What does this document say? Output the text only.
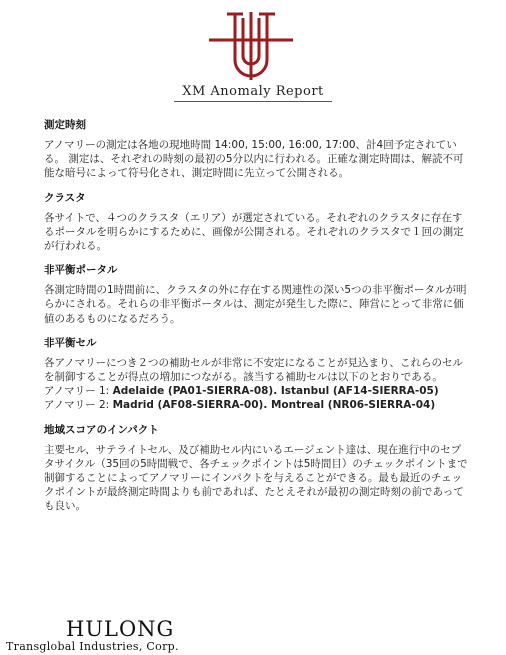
XM Anomaly Report
測定時刻
アノマリーの測定は各地の現地時間 14:00, 15:00, 16:00, 17:00、計4回予定されている。 測定は、それぞれの時刻の最初の5分以内に行われる。正確な測定時間は、解読不可能な暗号によって符号化され、測定時間に先立って公開される。
クラスタ
各サイトで、４つのクラスタ（エリア）が選定されている。それぞれのクラスタに存在するポータルを明らかにするために、画像が公開される。それぞれのクラスタで１回の測定が行われる。
非平衡ポータル
各測定時間の1時間前に、クラスタの外に存在する関連性の深い5つの非平衡ポータルが明らかにされる。それらの非平衡ポータルは、測定が発生した際に、陣営にとって非常に価値のあるものになるだろう。
非平衡セル
各アノマリーにつき２つの補助セルが非常に不安定になることが見込まり、これらのセルを制御することが得点の増加につながる。該当する補助セルは以下のとおりである。
アノマリー 1: Adelaide (PA01-SIERRA-08). Istanbul (AF14-SIERRA-05)
アノマリー 2: Madrid (AF08-SIERRA-00). Montreal (NR06-SIERRA-04)
地域スコアのインパクト
主要セル、サテライトセル、及び補助セル内にいるエージェント達は、現在進行中のセプタサイクル（35回の5時間戦で、各チェックポイントは5時間目）のチェックポイントまで制御することによってアノマリーにインパクトを与えることができる。最も最近のチェックポイントが最終測定時間よりも前であれば、たとえそれが最初の測定時刻の前であっても良い。
HULONG
Transglobal Industries, Corp.
